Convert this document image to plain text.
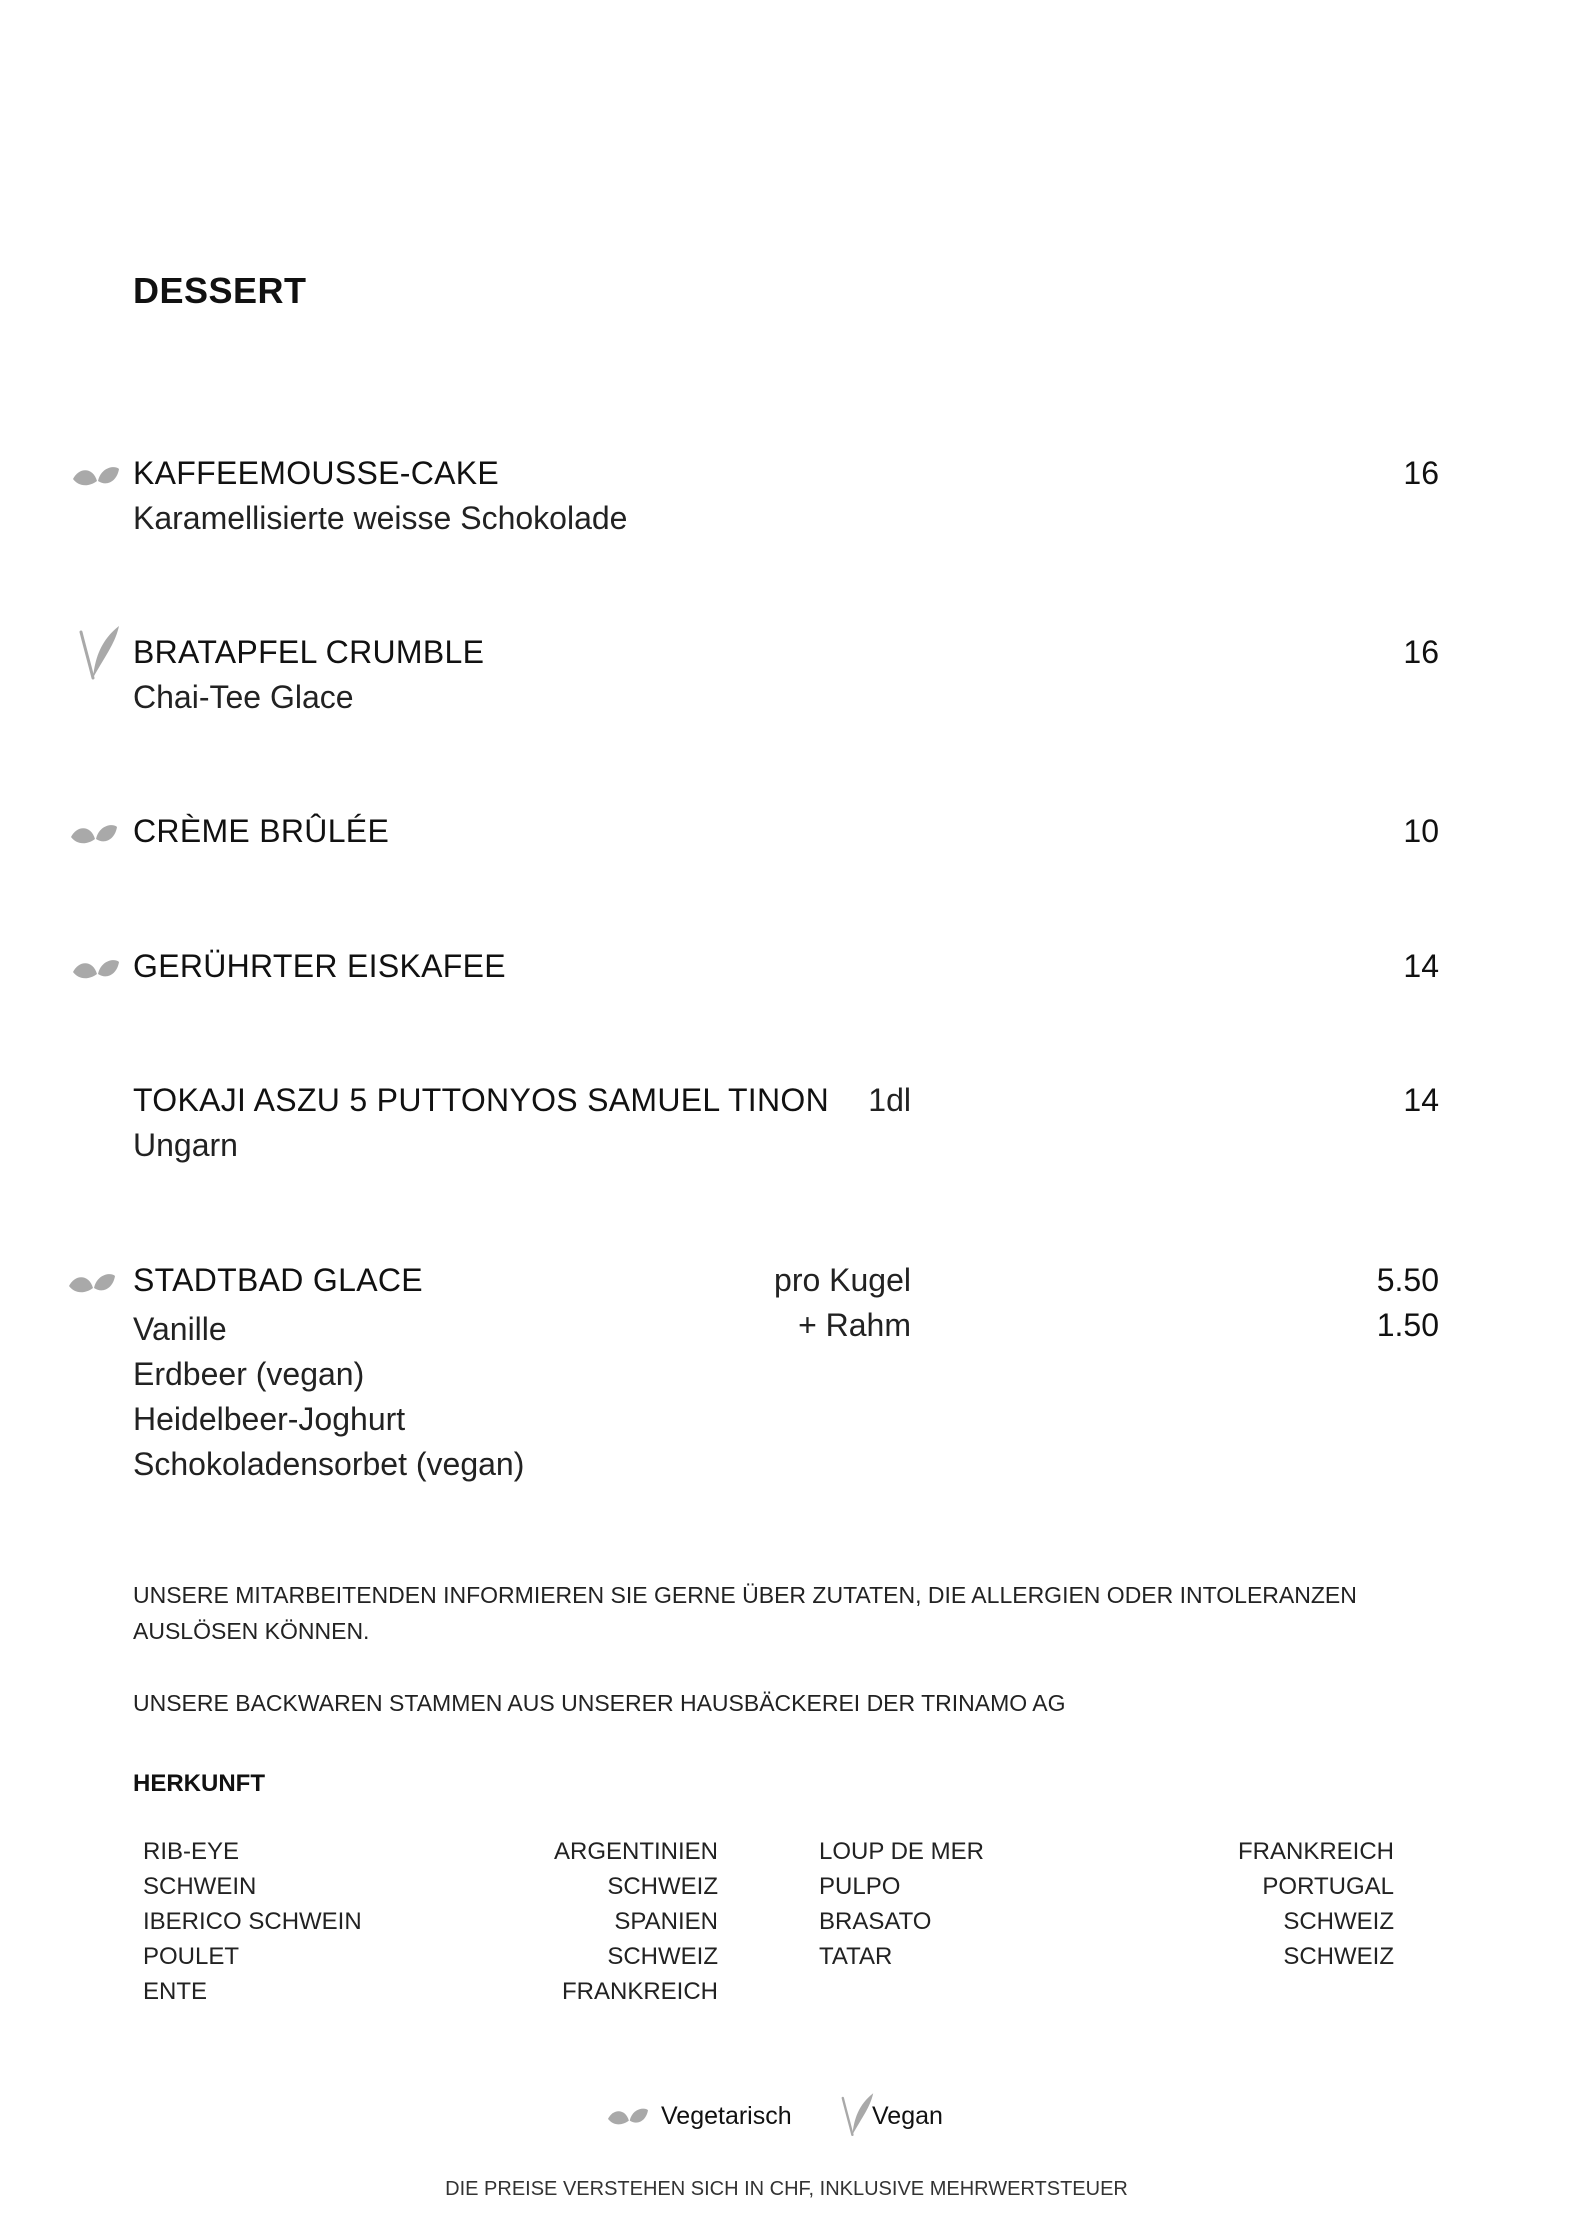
DESSERT
KAFFEEMOUSSE-CAKE	16
Karamellisierte weisse Schokolade
BRATAPFEL CRUMBLE	16
Chai-Tee Glace
CRÈME BRÛLÉE	10
GERÜHRTER EISKAFEE	14
TOKAJI ASZU 5 PUTTONYOS SAMUEL TINON 1dl	14
Ungarn
STADTBAD GLACE	pro Kugel	5.50
+ Rahm	1.50
Vanille
Erdbeer (vegan)
Heidelbeer-Joghurt
Schokoladensorbet (vegan)

UNSERE MITARBEITENDEN INFORMIEREN SIE GERNE ÜBER ZUTATEN, DIE ALLERGIEN ODER INTOLERANZEN AUSLÖSEN KÖNNEN.

UNSERE BACKWAREN STAMMEN AUS UNSERER HAUSBÄCKEREI DER TRINAMO AG

HERKUNFT
RIB-EYE	ARGENTINIEN
SCHWEIN	SCHWEIZ
IBERICO SCHWEIN	SPANIEN
POULET	SCHWEIZ
ENTE	FRANKREICH
LOUP DE MER	FRANKREICH
PULPO	PORTUGAL
BRASATO	SCHWEIZ
TATAR	SCHWEIZ
Vegetarisch	Vegan
DIE PREISE VERSTEHEN SICH IN CHF, INKLUSIVE MEHRWERTSTEUER
